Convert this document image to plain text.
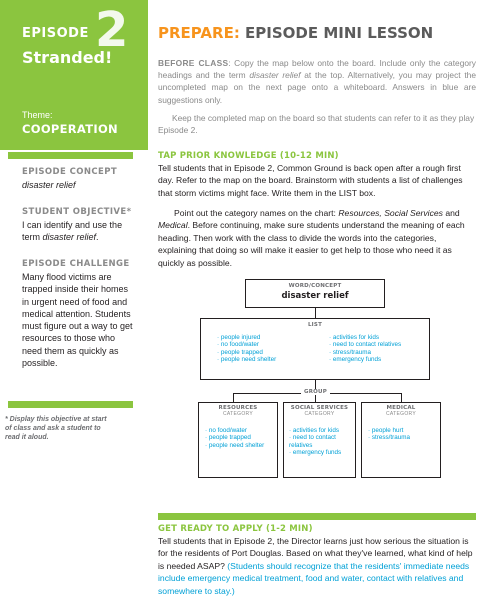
EPISODE 2
Stranded!
Theme:
COOPERATION
EPISODE CONCEPT
disaster relief
STUDENT OBJECTIVE*
I can identify and use the term disaster relief.
EPISODE CHALLENGE
Many flood victims are trapped inside their homes in urgent need of food and medical attention. Students must figure out a way to get resources to those who need them as quickly as possible.
* Display this objective at start of class and ask a student to read it aloud.
PREPARE: EPISODE MINI LESSON
BEFORE CLASS: Copy the map below onto the board. Include only the category headings and the term disaster relief at the top. Alternatively, you may project the uncompleted map on the next page onto a whiteboard. Answers in blue are suggestions only.
Keep the completed map on the board so that students can refer to it as they play Episode 2.
TAP PRIOR KNOWLEDGE (10-12 MIN)
Tell students that in Episode 2, Common Ground is back open after a rough first day. Refer to the map on the board. Brainstorm with students a list of challenges that storm victims might face. Write them in the LIST box.
Point out the category names on the chart: Resources, Social Services and Medical. Before continuing, make sure students understand the meaning of each heading. Then work with the class to divide the words into the categories, explaining that doing so will make it easier to get help to those who need it as quickly as possible.
WORD/CONCEPT
disaster relief
LIST
· people injured
· no food/water
· people trapped
· people need shelter
· activities for kids
· need to contact relatives
· stress/trauma
· emergency funds
GROUP
RESOURCES
CATEGORY
· no food/water
· people trapped
· people need shelter
SOCIAL SERVICES
CATEGORY
· activities for kids
· need to contact relatives
· emergency funds
MEDICAL
CATEGORY
· people hurt
· stress/trauma
GET READY TO APPLY (1-2 MIN)
Tell students that in Episode 2, the Director learns just how serious the situation is for the residents of Port Douglas. Based on what they've learned, what kind of help is needed ASAP? (Students should recognize that the residents' immediate needs include emergency medical treatment, food and water, contact with relatives and somewhere to stay.)
